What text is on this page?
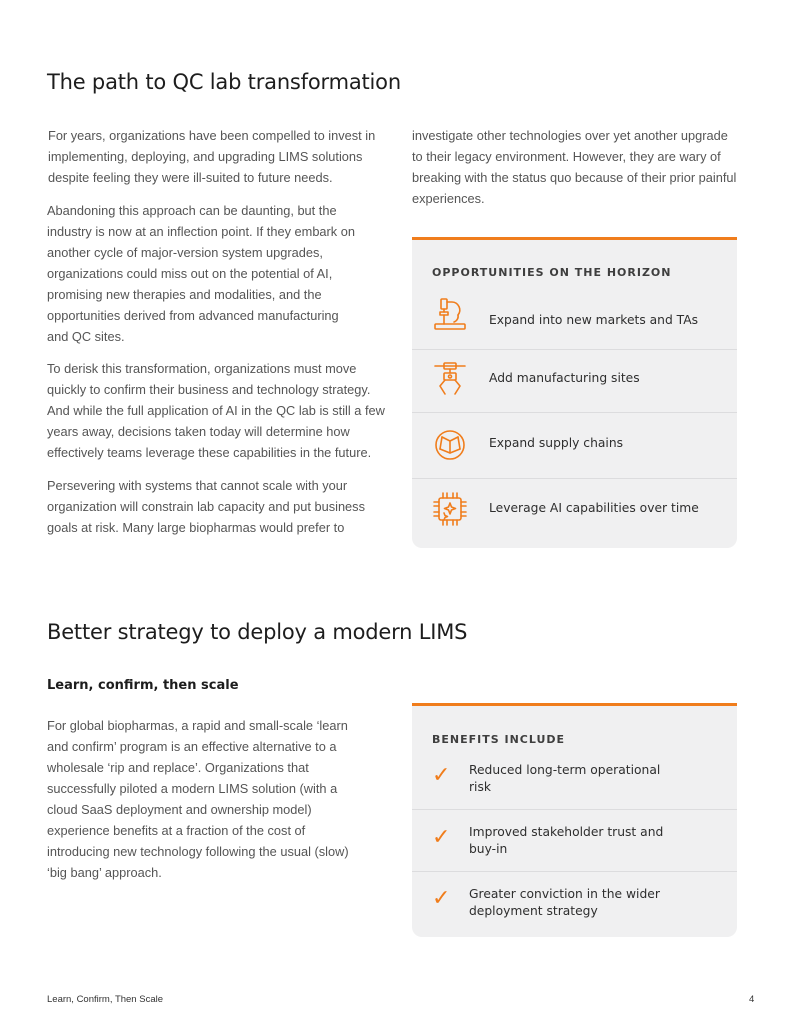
The path to QC lab transformation

For years, organizations have been compelled to invest in implementing, deploying, and upgrading LIMS solutions despite feeling they were ill-suited to future needs.

Abandoning this approach can be daunting, but the industry is now at an inflection point. If they embark on another cycle of major-version system upgrades, organizations could miss out on the potential of AI, promising new therapies and modalities, and the opportunities derived from advanced manufacturing and QC sites.

To derisk this transformation, organizations must move quickly to confirm their business and technology strategy. And while the full application of AI in the QC lab is still a few years away, decisions taken today will determine how effectively teams leverage these capabilities in the future.

Persevering with systems that cannot scale with your organization will constrain lab capacity and put business goals at risk. Many large biopharmas would prefer to

investigate other technologies over yet another upgrade to their legacy environment. However, they are wary of breaking with the status quo because of their prior painful experiences.

OPPORTUNITIES ON THE HORIZON
Expand into new markets and TAs
Add manufacturing sites
Expand supply chains
Leverage AI capabilities over time
Better strategy to deploy a modern LIMS
Learn, confirm, then scale

For global biopharmas, a rapid and small-scale ‘learn and confirm’ program is an effective alternative to a wholesale ‘rip and replace’. Organizations that successfully piloted a modern LIMS solution (with a cloud SaaS deployment and ownership model) experience benefits at a fraction of the cost of introducing new technology following the usual (slow) ‘big bang’ approach.

BENEFITS INCLUDE
✓ Reduced long-term operational risk
✓ Improved stakeholder trust and buy-in
✓ Greater conviction in the wider deployment strategy
Learn, Confirm, Then Scale	4
